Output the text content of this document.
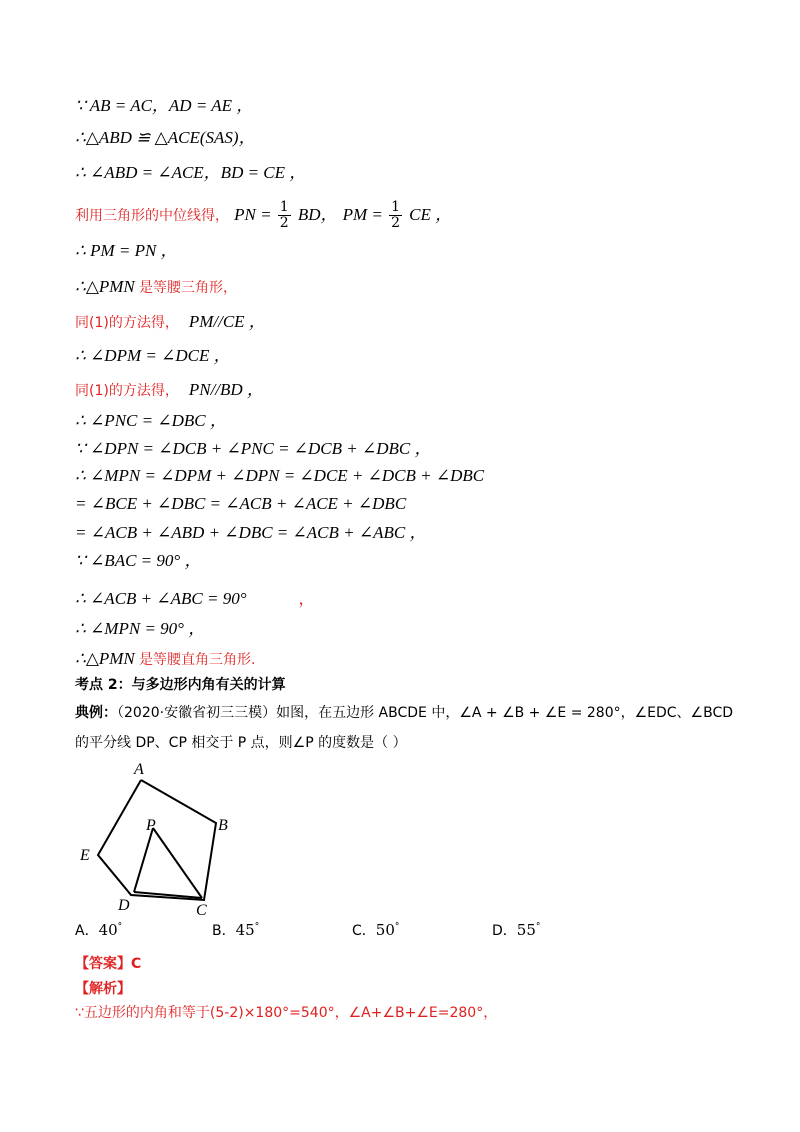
∵ AB = AC，AD = AE ，
∴△ABD ≌ △ACE(SAS)，
∴ ∠ABD = ∠ACE，BD = CE ，
利用三角形的中位线得， PN = $\frac{1}{2}$ BD， PM = $\frac{1}{2}$ CE ，
∴ PM = PN ，
∴△PMN 是等腰三角形，
同(1)的方法得， PM//CE ，
∴ ∠DPM = ∠DCE ，
同(1)的方法得， PN//BD ，
∴ ∠PNC = ∠DBC ，
∵ ∠DPN = ∠DCB + ∠PNC = ∠DCB + ∠DBC ，
∴ ∠MPN = ∠DPM + ∠DPN = ∠DCE + ∠DCB + ∠DBC
= ∠BCE + ∠DBC = ∠ACB + ∠ACE + ∠DBC
= ∠ACB + ∠ABD + ∠DBC = ∠ACB + ∠ABC ，
∵ ∠BAC = 90° ，
∴ ∠ACB + ∠ABC = 90°	，
∴ ∠MPN = 90° ，
∴△PMN 是等腰直角三角形.
考点 2：与多边形内角有关的计算
典例：（2020·安徽省初三三模）如图，在五边形 ABCDE 中，∠A + ∠B + ∠E = 280°，∠EDC、∠BCD
的平分线 DP、CP 相交于 P 点，则∠P 的度数是（ ）
A
B
C
D
E
P
A．40°	B．45°	C．50°	D．55°
【答案】C
【解析】
∵五边形的内角和等于(5-2)×180°=540°，∠A+∠B+∠E=280°，
